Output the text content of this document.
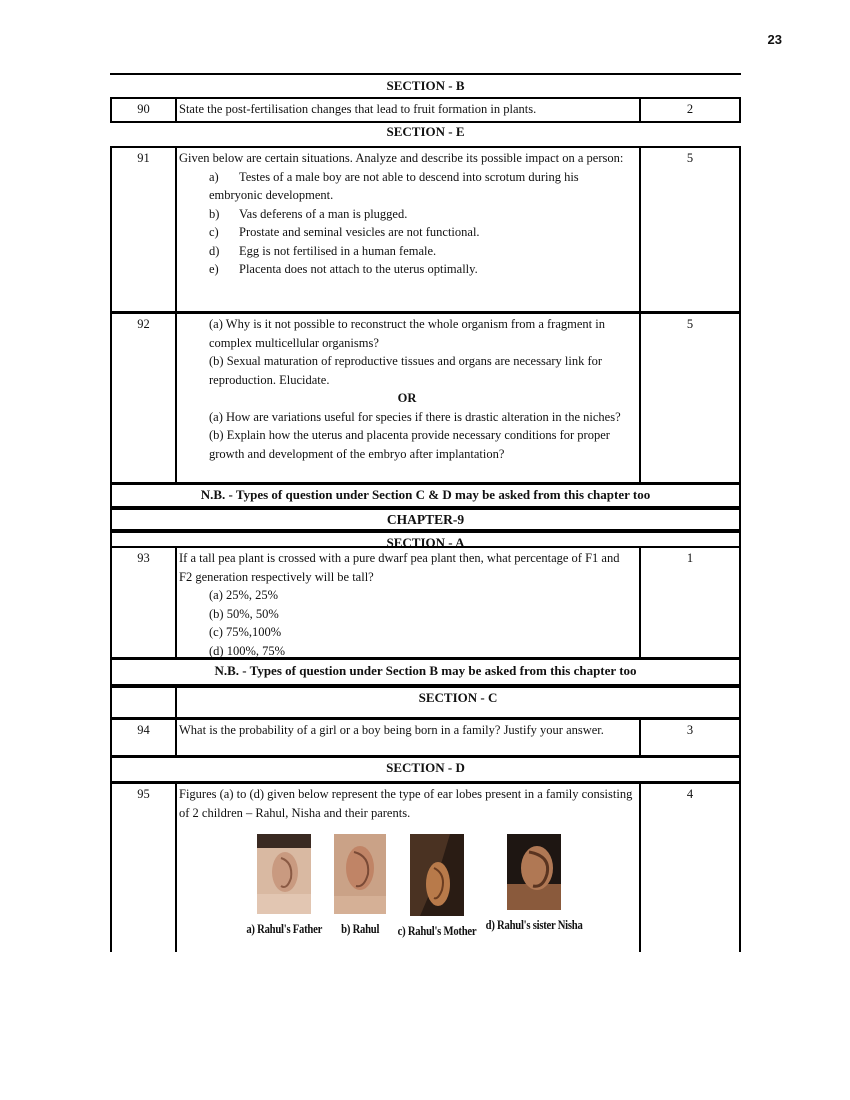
23
SECTION - B
90	State the post-fertilisation changes that lead to fruit formation in plants.	2
SECTION - E
91	Given below are certain situations. Analyze and describe its possible impact on a person:
a) Testes of a male boy are not able to descend into scrotum during his embryonic development.
b) Vas deferens of a man is plugged.
c) Prostate and seminal vesicles are not functional.
d) Egg is not fertilised in a human female.
e) Placenta does not attach to the uterus optimally.
5
92	(a) Why is it not possible to reconstruct the whole organism from a fragment in complex multicellular organisms?
(b) Sexual maturation of reproductive tissues and organs are necessary link for reproduction. Elucidate.
OR
(a) How are variations useful for species if there is drastic alteration in the niches?
(b) Explain how the uterus and placenta provide necessary conditions for proper growth and development of the embryo after implantation?
5
N.B. - Types of question under Section C & D may be asked from this chapter too
CHAPTER-9
SECTION - A
93	If a tall pea plant is crossed with a pure dwarf pea plant then, what percentage of F1 and F2 generation respectively will be tall?
(a) 25%, 25%
(b) 50%, 50%
(c) 75%,100%
(d) 100%, 75%
1
N.B. - Types of question under Section B may be asked from this chapter too
SECTION - C
94	What is the probability of a girl or a boy being born in a family? Justify your answer.	3
SECTION - D
95	Figures (a) to (d) given below represent the type of ear lobes present in a family consisting of 2 children – Rahul, Nisha and their parents.
a) Rahul's Father b) Rahul c) Rahul's Mother d) Rahul's sister Nisha
4
